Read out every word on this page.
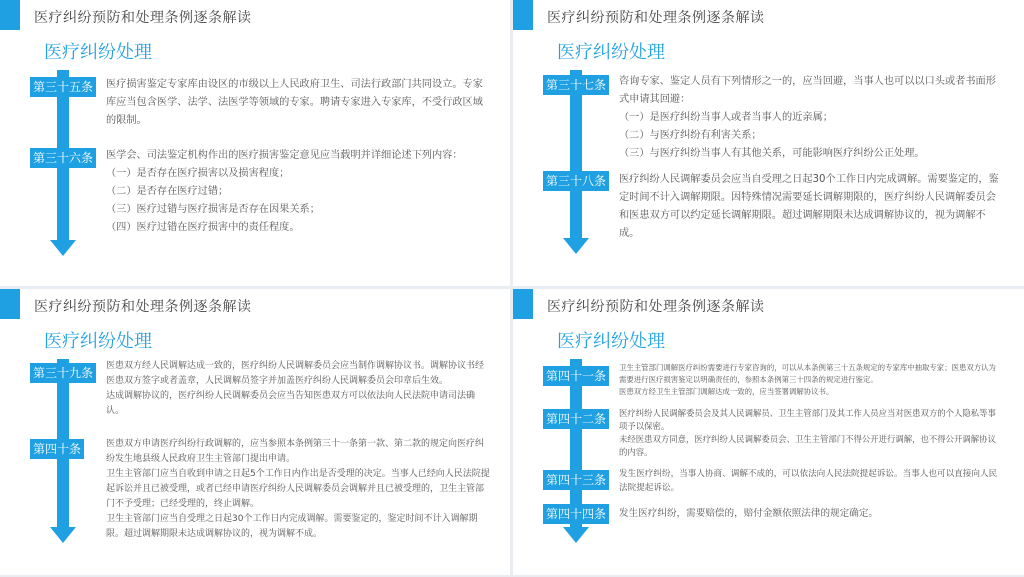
医疗纠纷预防和处理条例逐条解读
医疗纠纷处理
第三十五条 医疗损害鉴定专家库由设区的市级以上人民政府卫生、司法行政部门共同设立。专家库应当包含医学、法学、法医学等领域的专家。聘请专家进入专家库，不受行政区域的限制。
第三十六条 医学会、司法鉴定机构作出的医疗损害鉴定意见应当载明并详细论述下列内容：
（一）是否存在医疗损害以及损害程度；
（二）是否存在医疗过错；
（三）医疗过错与医疗损害是否存在因果关系；
（四）医疗过错在医疗损害中的责任程度。
医疗纠纷预防和处理条例逐条解读
医疗纠纷处理
第三十七条 咨询专家、鉴定人员有下列情形之一的，应当回避，当事人也可以以口头或者书面形式申请其回避：
（一）是医疗纠纷当事人或者当事人的近亲属；
（二）与医疗纠纷有利害关系；
（三）与医疗纠纷当事人有其他关系，可能影响医疗纠纷公正处理。
第三十八条 医疗纠纷人民调解委员会应当自受理之日起30个工作日内完成调解。需要鉴定的，鉴定时间不计入调解期限。因特殊情况需要延长调解期限的，医疗纠纷人民调解委员会和医患双方可以约定延长调解期限。超过调解期限未达成调解协议的，视为调解不成。
医疗纠纷预防和处理条例逐条解读
医疗纠纷处理
第三十九条	医患双方经人民调解达成一致的，医疗纠纷人民调解委员会应当制作调解协议书。调解协议书经医患双方签字或者盖章，人民调解员签字并加盖医疗纠纷人民调解委员会印章后生效。
达成调解协议的，医疗纠纷人民调解委员会应当告知医患双方可以依法向人民法院申请司法确认。
第四十条	医患双方申请医疗纠纷行政调解的，应当参照本条例第三十一条第一款、第二款的规定向医疗纠纷发生地县级人民政府卫生主管部门提出申请。
卫生主管部门应当自收到申请之日起5个工作日内作出是否受理的决定。当事人已经向人民法院提起诉讼并且已被受理，或者已经申请医疗纠纷人民调解委员会调解并且已被受理的，卫生主管部门不予受理；已经受理的，终止调解。
卫生主管部门应当自受理之日起30个工作日内完成调解。需要鉴定的，鉴定时间不计入调解期限。超过调解期限未达成调解协议的，视为调解不成。
医疗纠纷预防和处理条例逐条解读
医疗纠纷处理
第四十一条
卫生主管部门调解医疗纠纷需要进行专家咨询的，可以从本条例第三十五条规定的专家库中抽取专家；医患双方认为需要进行医疗损害鉴定以明确责任的，参照本条例第三十四条的规定进行鉴定。
医患双方经卫生主管部门调解达成一致的，应当签署调解协议书。
第四十二条	医疗纠纷人民调解委员会及其人民调解员、卫生主管部门及其工作人员应当对医患双方的个人隐私等事项予以保密。
未经医患双方同意，医疗纠纷人民调解委员会、卫生主管部门不得公开进行调解，也不得公开调解协议的内容。
第四十三条	发生医疗纠纷，当事人协商、调解不成的，可以依法向人民法院提起诉讼。当事人也可以直接向人民法院提起诉讼。
第四十四条	发生医疗纠纷，需要赔偿的，赔付金额依照法律的规定确定。
